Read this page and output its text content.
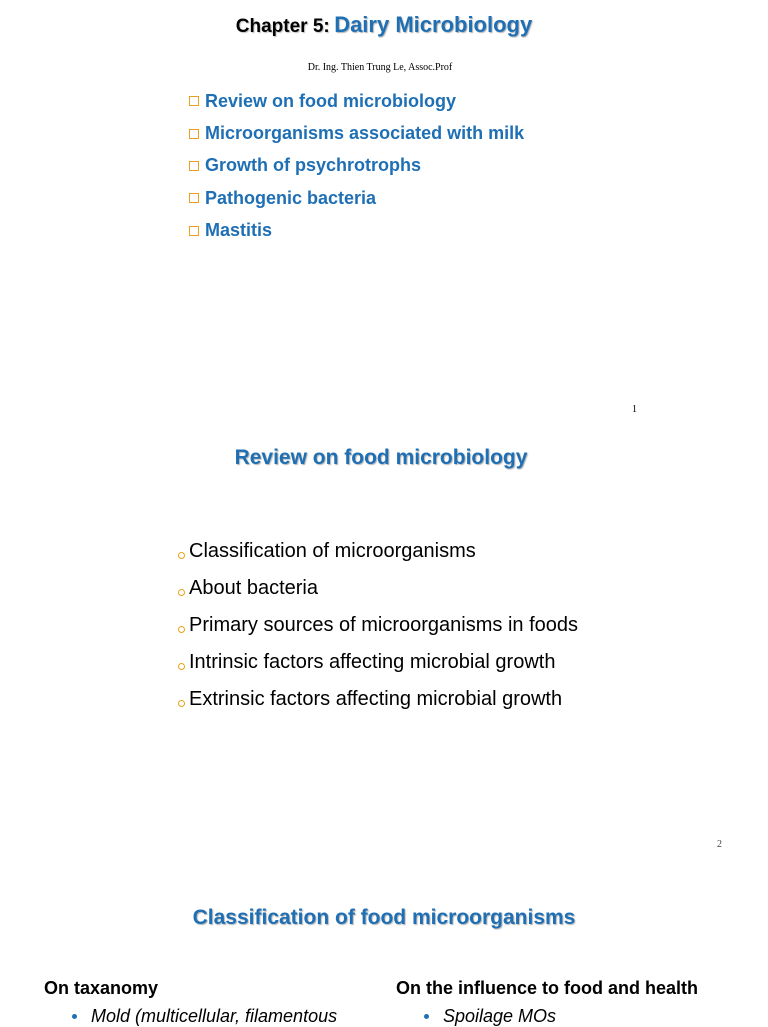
Chapter 5: Dairy Microbiology
Dr. Ing. Thien Trung Le, Assoc.Prof
Review on food microbiology
Microorganisms associated with milk
Growth of psychrotrophs
Pathogenic bacteria
Mastitis
1
Review on food microbiology
Classification of microorganisms
About bacteria
Primary sources of microorganisms in foods
Intrinsic factors affecting microbial growth
Extrinsic factors affecting microbial growth
2
Classification of food microorganisms
On taxanomy	On the influence to food and health
Mold (multicellular, filamentous	Spoilage MOs
